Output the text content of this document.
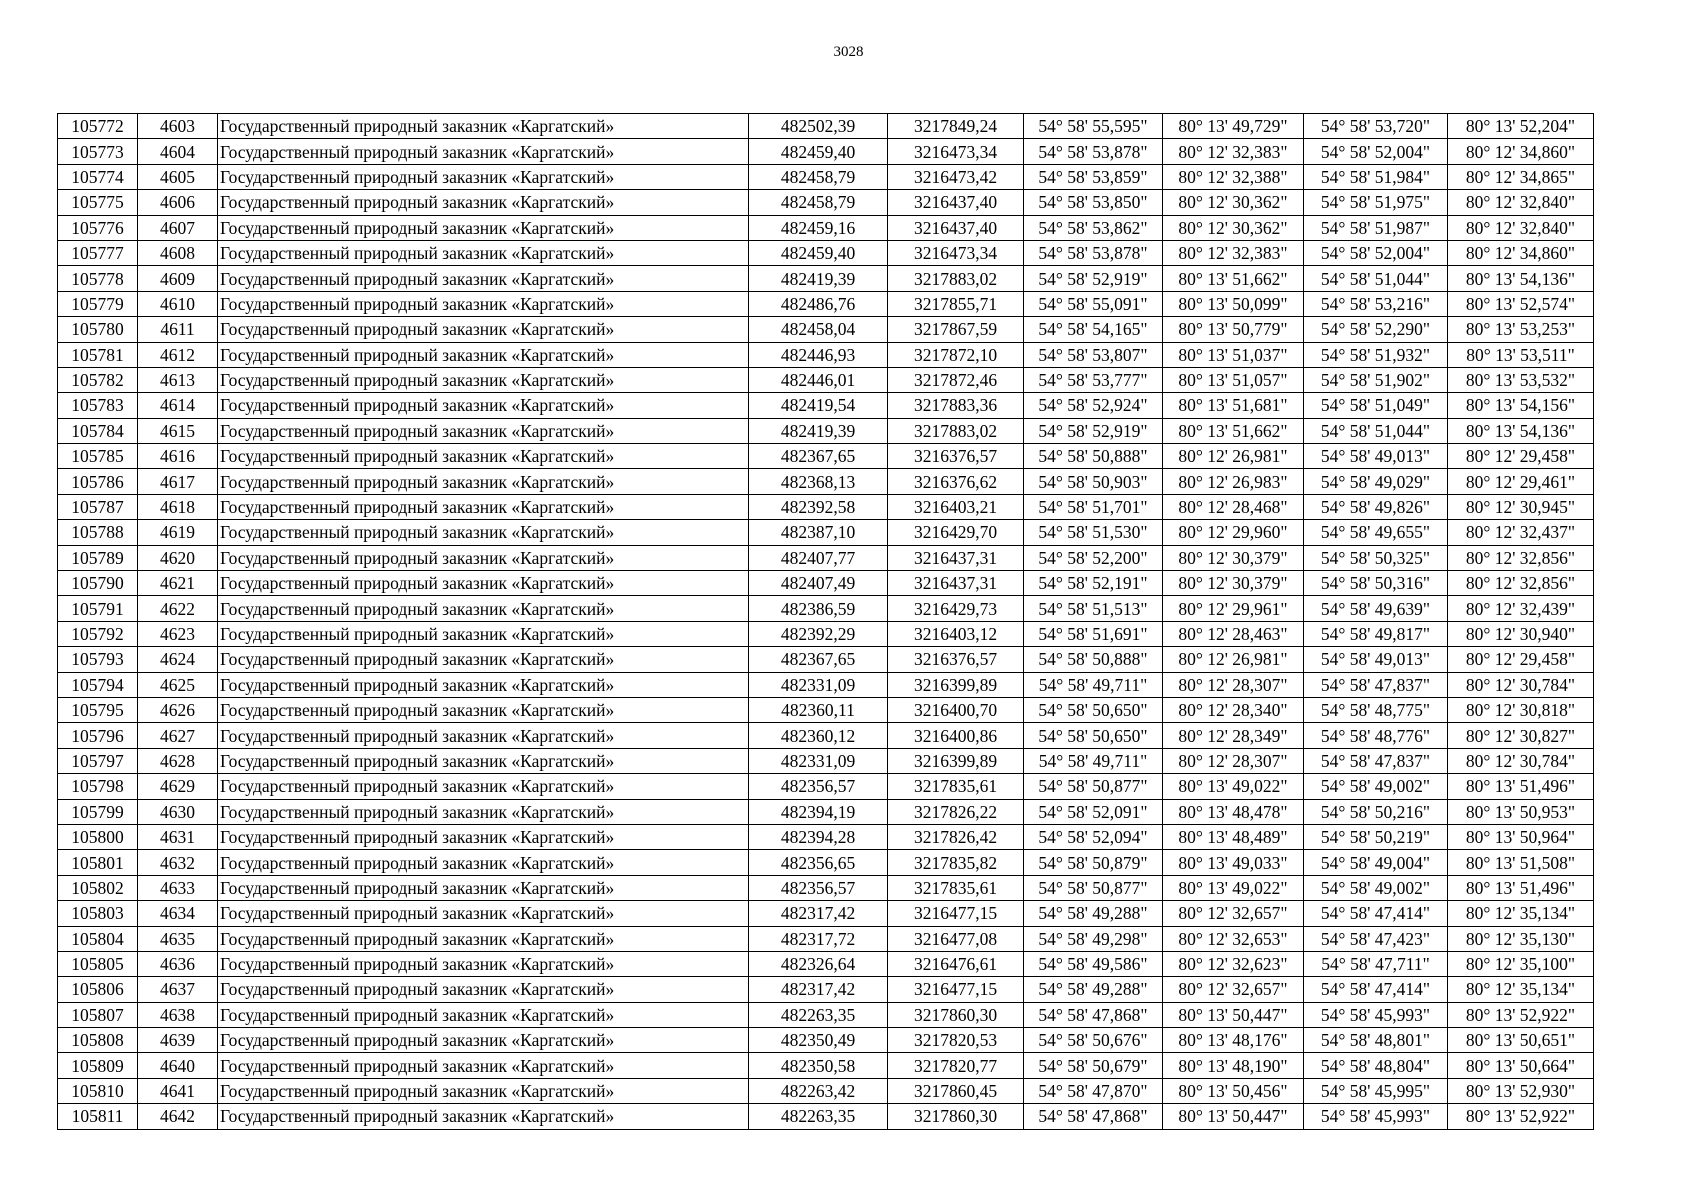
3028
105772	4603	Государственный природный заказник «Каргатский»	482502,39	3217849,24	54° 58' 55,595"	80° 13' 49,729"	54° 58' 53,720"	80° 13' 52,204"
105773	4604	Государственный природный заказник «Каргатский»	482459,40	3216473,34	54° 58' 53,878"	80° 12' 32,383"	54° 58' 52,004"	80° 12' 34,860"
105774	4605	Государственный природный заказник «Каргатский»	482458,79	3216473,42	54° 58' 53,859"	80° 12' 32,388"	54° 58' 51,984"	80° 12' 34,865"
105775	4606	Государственный природный заказник «Каргатский»	482458,79	3216437,40	54° 58' 53,850"	80° 12' 30,362"	54° 58' 51,975"	80° 12' 32,840"
105776	4607	Государственный природный заказник «Каргатский»	482459,16	3216437,40	54° 58' 53,862"	80° 12' 30,362"	54° 58' 51,987"	80° 12' 32,840"
105777	4608	Государственный природный заказник «Каргатский»	482459,40	3216473,34	54° 58' 53,878"	80° 12' 32,383"	54° 58' 52,004"	80° 12' 34,860"
105778	4609	Государственный природный заказник «Каргатский»	482419,39	3217883,02	54° 58' 52,919"	80° 13' 51,662"	54° 58' 51,044"	80° 13' 54,136"
105779	4610	Государственный природный заказник «Каргатский»	482486,76	3217855,71	54° 58' 55,091"	80° 13' 50,099"	54° 58' 53,216"	80° 13' 52,574"
105780	4611	Государственный природный заказник «Каргатский»	482458,04	3217867,59	54° 58' 54,165"	80° 13' 50,779"	54° 58' 52,290"	80° 13' 53,253"
105781	4612	Государственный природный заказник «Каргатский»	482446,93	3217872,10	54° 58' 53,807"	80° 13' 51,037"	54° 58' 51,932"	80° 13' 53,511"
105782	4613	Государственный природный заказник «Каргатский»	482446,01	3217872,46	54° 58' 53,777"	80° 13' 51,057"	54° 58' 51,902"	80° 13' 53,532"
105783	4614	Государственный природный заказник «Каргатский»	482419,54	3217883,36	54° 58' 52,924"	80° 13' 51,681"	54° 58' 51,049"	80° 13' 54,156"
105784	4615	Государственный природный заказник «Каргатский»	482419,39	3217883,02	54° 58' 52,919"	80° 13' 51,662"	54° 58' 51,044"	80° 13' 54,136"
105785	4616	Государственный природный заказник «Каргатский»	482367,65	3216376,57	54° 58' 50,888"	80° 12' 26,981"	54° 58' 49,013"	80° 12' 29,458"
105786	4617	Государственный природный заказник «Каргатский»	482368,13	3216376,62	54° 58' 50,903"	80° 12' 26,983"	54° 58' 49,029"	80° 12' 29,461"
105787	4618	Государственный природный заказник «Каргатский»	482392,58	3216403,21	54° 58' 51,701"	80° 12' 28,468"	54° 58' 49,826"	80° 12' 30,945"
105788	4619	Государственный природный заказник «Каргатский»	482387,10	3216429,70	54° 58' 51,530"	80° 12' 29,960"	54° 58' 49,655"	80° 12' 32,437"
105789	4620	Государственный природный заказник «Каргатский»	482407,77	3216437,31	54° 58' 52,200"	80° 12' 30,379"	54° 58' 50,325"	80° 12' 32,856"
105790	4621	Государственный природный заказник «Каргатский»	482407,49	3216437,31	54° 58' 52,191"	80° 12' 30,379"	54° 58' 50,316"	80° 12' 32,856"
105791	4622	Государственный природный заказник «Каргатский»	482386,59	3216429,73	54° 58' 51,513"	80° 12' 29,961"	54° 58' 49,639"	80° 12' 32,439"
105792	4623	Государственный природный заказник «Каргатский»	482392,29	3216403,12	54° 58' 51,691"	80° 12' 28,463"	54° 58' 49,817"	80° 12' 30,940"
105793	4624	Государственный природный заказник «Каргатский»	482367,65	3216376,57	54° 58' 50,888"	80° 12' 26,981"	54° 58' 49,013"	80° 12' 29,458"
105794	4625	Государственный природный заказник «Каргатский»	482331,09	3216399,89	54° 58' 49,711"	80° 12' 28,307"	54° 58' 47,837"	80° 12' 30,784"
105795	4626	Государственный природный заказник «Каргатский»	482360,11	3216400,70	54° 58' 50,650"	80° 12' 28,340"	54° 58' 48,775"	80° 12' 30,818"
105796	4627	Государственный природный заказник «Каргатский»	482360,12	3216400,86	54° 58' 50,650"	80° 12' 28,349"	54° 58' 48,776"	80° 12' 30,827"
105797	4628	Государственный природный заказник «Каргатский»	482331,09	3216399,89	54° 58' 49,711"	80° 12' 28,307"	54° 58' 47,837"	80° 12' 30,784"
105798	4629	Государственный природный заказник «Каргатский»	482356,57	3217835,61	54° 58' 50,877"	80° 13' 49,022"	54° 58' 49,002"	80° 13' 51,496"
105799	4630	Государственный природный заказник «Каргатский»	482394,19	3217826,22	54° 58' 52,091"	80° 13' 48,478"	54° 58' 50,216"	80° 13' 50,953"
105800	4631	Государственный природный заказник «Каргатский»	482394,28	3217826,42	54° 58' 52,094"	80° 13' 48,489"	54° 58' 50,219"	80° 13' 50,964"
105801	4632	Государственный природный заказник «Каргатский»	482356,65	3217835,82	54° 58' 50,879"	80° 13' 49,033"	54° 58' 49,004"	80° 13' 51,508"
105802	4633	Государственный природный заказник «Каргатский»	482356,57	3217835,61	54° 58' 50,877"	80° 13' 49,022"	54° 58' 49,002"	80° 13' 51,496"
105803	4634	Государственный природный заказник «Каргатский»	482317,42	3216477,15	54° 58' 49,288"	80° 12' 32,657"	54° 58' 47,414"	80° 12' 35,134"
105804	4635	Государственный природный заказник «Каргатский»	482317,72	3216477,08	54° 58' 49,298"	80° 12' 32,653"	54° 58' 47,423"	80° 12' 35,130"
105805	4636	Государственный природный заказник «Каргатский»	482326,64	3216476,61	54° 58' 49,586"	80° 12' 32,623"	54° 58' 47,711"	80° 12' 35,100"
105806	4637	Государственный природный заказник «Каргатский»	482317,42	3216477,15	54° 58' 49,288"	80° 12' 32,657"	54° 58' 47,414"	80° 12' 35,134"
105807	4638	Государственный природный заказник «Каргатский»	482263,35	3217860,30	54° 58' 47,868"	80° 13' 50,447"	54° 58' 45,993"	80° 13' 52,922"
105808	4639	Государственный природный заказник «Каргатский»	482350,49	3217820,53	54° 58' 50,676"	80° 13' 48,176"	54° 58' 48,801"	80° 13' 50,651"
105809	4640	Государственный природный заказник «Каргатский»	482350,58	3217820,77	54° 58' 50,679"	80° 13' 48,190"	54° 58' 48,804"	80° 13' 50,664"
105810	4641	Государственный природный заказник «Каргатский»	482263,42	3217860,45	54° 58' 47,870"	80° 13' 50,456"	54° 58' 45,995"	80° 13' 52,930"
105811	4642	Государственный природный заказник «Каргатский»	482263,35	3217860,30	54° 58' 47,868"	80° 13' 50,447"	54° 58' 45,993"	80° 13' 52,922"
